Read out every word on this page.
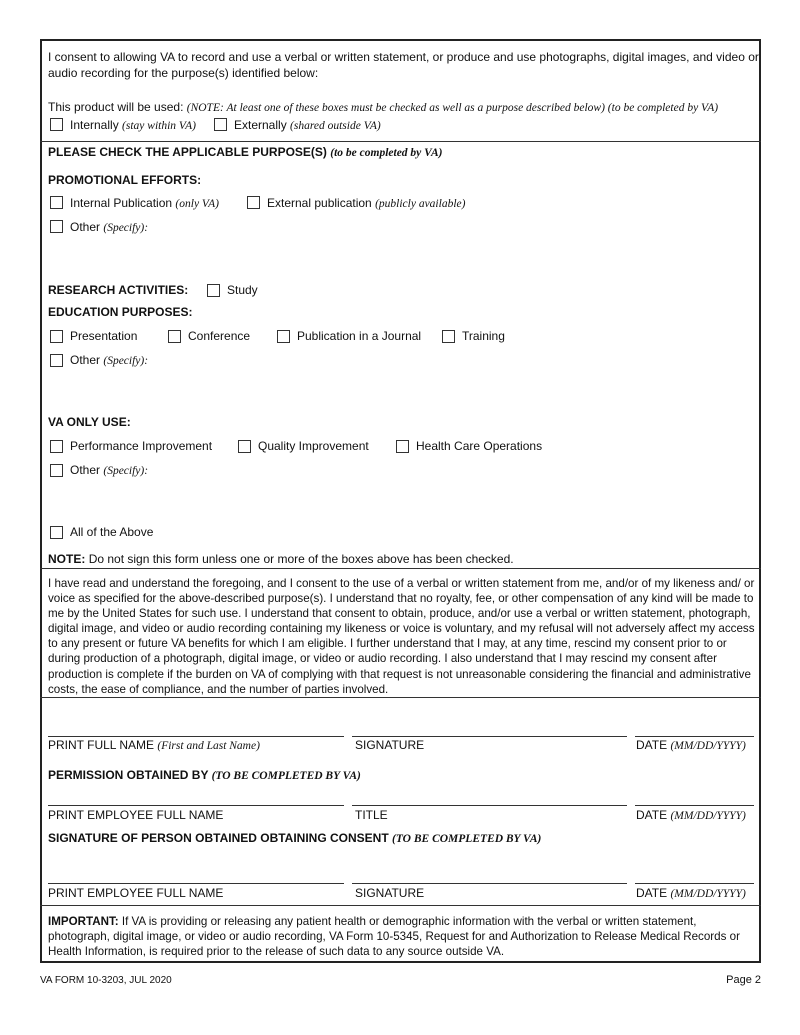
I consent to allowing VA to record and use a verbal or written statement, or produce and use photographs, digital images, and video or
audio recording for the purpose(s) identified below:
This product will be used: (NOTE: At least one of these boxes must be checked as well as a purpose described below) (to be completed by VA)
Internally (stay within VA)	Externally (shared outside VA)
PLEASE CHECK THE APPLICABLE PURPOSE(S) (to be completed by VA)
PROMOTIONAL EFFORTS:
Internal Publication (only VA)	External publication (publicly available)
Other (Specify):
RESEARCH ACTIVITIES:	Study
EDUCATION PURPOSES:
Presentation	Conference	Publication in a Journal	Training
Other (Specify):
VA ONLY USE:
Performance Improvement	Quality Improvement	Health Care Operations
Other (Specify):
All of the Above
NOTE: Do not sign this form unless one or more of the boxes above has been checked.
I have read and understand the foregoing, and I consent to the use of a verbal or written statement from me, and/or of my likeness and/ or voice as specified for the above-described purpose(s). I understand that no royalty, fee, or other compensation of any kind will be made to me by the United States for such use. I understand that consent to obtain, produce, and/or use a verbal or written statement, photograph, digital image, and video or audio recording containing my likeness or voice is voluntary, and my refusal will not adversely affect my access to any present or future VA benefits for which I am eligible. I further understand that I may, at any time, rescind my consent prior to or during production of a photograph, digital image, or video or audio recording. I also understand that I may rescind my consent after production is complete if the burden on VA of complying with that request is not unreasonable considering the financial and administrative costs, the ease of compliance, and the number of parties involved.
PRINT FULL NAME (First and Last Name)	SIGNATURE	DATE (MM/DD/YYYY)
PERMISSION OBTAINED BY (TO BE COMPLETED BY VA)
PRINT EMPLOYEE FULL NAME	TITLE	DATE (MM/DD/YYYY)
SIGNATURE OF PERSON OBTAINED OBTAINING CONSENT (TO BE COMPLETED BY VA)
PRINT EMPLOYEE FULL NAME	SIGNATURE	DATE (MM/DD/YYYY)
IMPORTANT: If VA is providing or releasing any patient health or demographic information with the verbal or written statement, photograph, digital image, or video or audio recording, VA Form 10-5345, Request for and Authorization to Release Medical Records or Health Information, is required prior to the release of such data to any source outside VA.
VA FORM 10-3203, JUL 2020	Page 2
